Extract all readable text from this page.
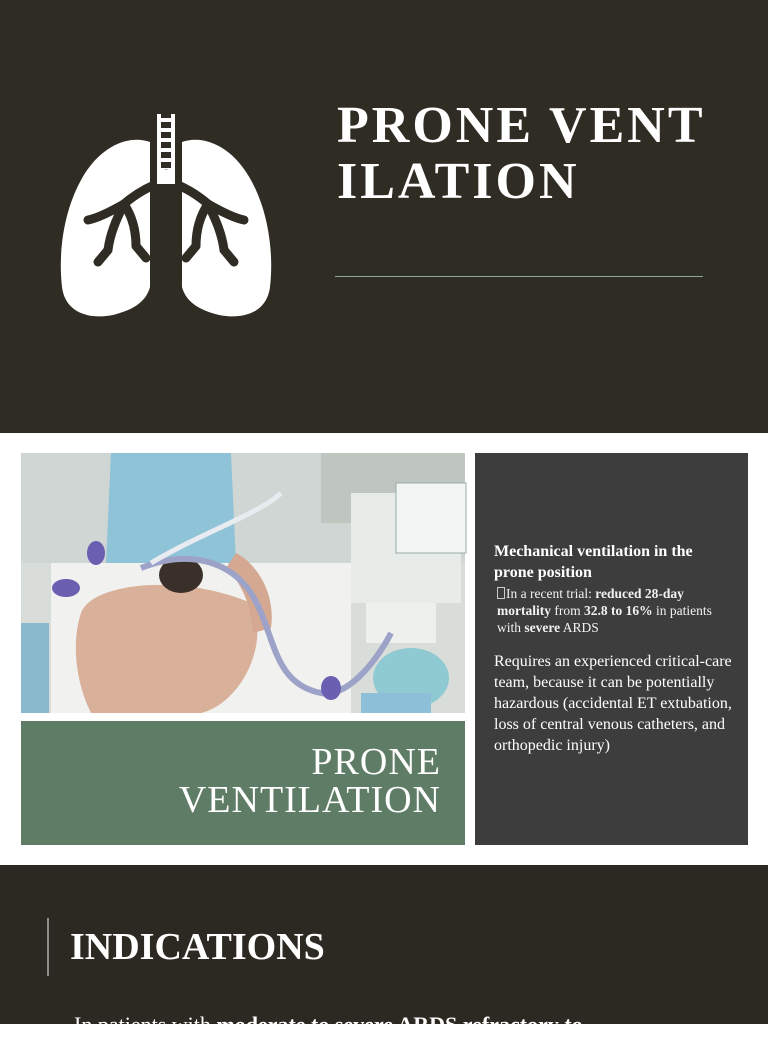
PRONE VENTILATION
PRONE
VENTILATION
Mechanical ventilation in the prone position
In a recent trial: reduced 28-day mortality from 32.8 to 16% in patients with severe ARDS
Requires an experienced critical-care team, because it can be potentially hazardous (accidental ET extubation, loss of central venous catheters, and orthopedic injury)
INDICATIONS
In patients with moderate to severe ARDS refractory to
